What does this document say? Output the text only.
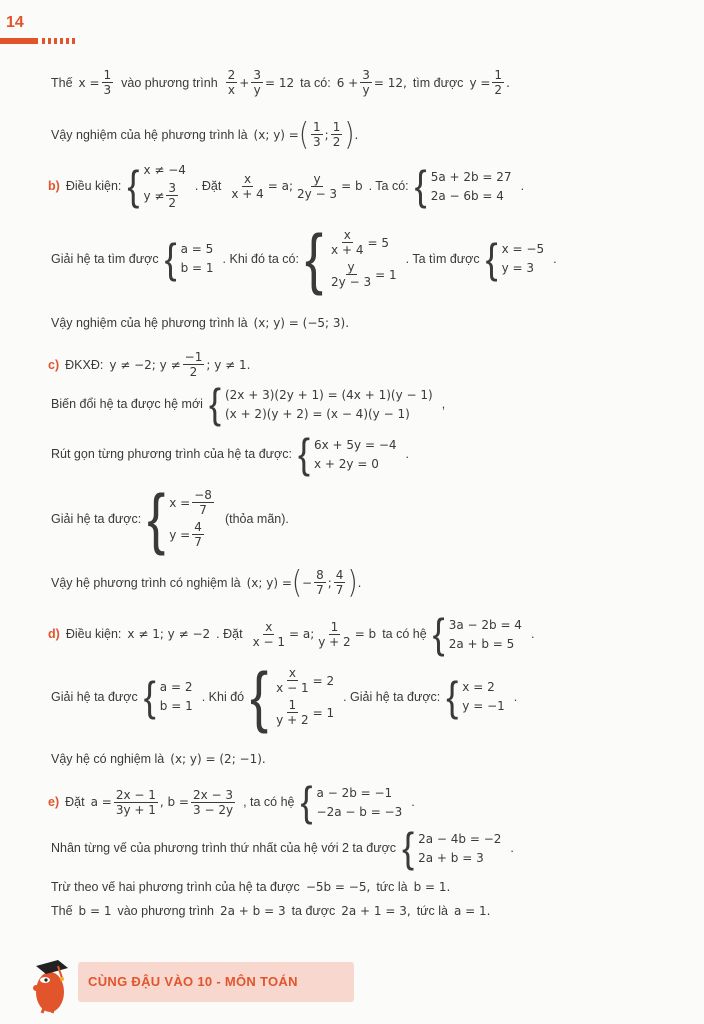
14
Thế $x = \frac{1}{3}$ vào phương trình
2
x
+ $\frac{3}{y} = 12$ ta có: $6 + \frac{3}{y} = 12$, tìm được $y = \frac{1}{2}$ .
Vậy nghiệm của hệ phương trình là (x; y) = ( 1
3
;
1
2 ) .
b) Điều kiện: { x ≠ −4
y ≠
3
2
. Đặt $\frac{x}{x + 4} = a$; $\frac{y}{2y - 3} = b$ . Ta có: { 5a + 2b = 27
2a − 6b = 4
.
Giải hệ ta tìm được { a = 5
b = 1
. Khi đó ta có: { $\frac{x}{x + 4} = 5$
$\frac{y}{2y - 3} = 1$
. Ta tìm được { x = −5
y = 3
.
Vậy nghiệm của hệ phương trình là (x; y) = (−5; 3).
c) ĐKXĐ: y ≠ −2; y ≠
−1
2
; y ≠ 1.
Biến đổi hệ ta được hệ mới { (2x + 3)(2y + 1) = (4x + 1)(y − 1)
(x + 2)(y + 2) = (x − 4)(y − 1)
,
Rút gọn từng phương trình của hệ ta được: { 6x + 5y = −4
x + 2y = 0
.
Giải hệ ta được: { $x = \frac{-8}{7}$
$y = \frac{4}{7}$
(thỏa mãn).
Vậy hệ phương trình có nghiệm là (x; y) = ( − $\frac{8}{7}$ ;
4
7 ) .
d) Điều kiện: x ≠ 1; y ≠ −2 . Đặt $\frac{x}{x - 1} = a$; $\frac{1}{y + 2} = b$ ta có hệ { 3a − 2b = 4
2a + b = 5
.
Giải hệ ta được { a = 2
b = 1
. Khi đó { $\frac{x}{x - 1} = 2$
$\frac{1}{y + 2} = 1$
. Giải hệ ta được: { x = 2
y = −1
.
Vậy hệ có nghiệm là (x; y) = (2; −1).
e) Đặt $a = \frac{2x - 1}{3y + 1}$ , $b = \frac{2x - 3}{3 - 2y}$ , ta có hệ { a − 2b = −1
−2a − b = −3
.
Nhân từng vế của phương trình thứ nhất của hệ với 2 ta được { 2a − 4b = −2
2a + b = 3
.
Trừ theo vế hai phương trình của hệ ta được −5b = −5, tức là b = 1.
Thế b = 1 vào phương trình 2a + b = 3 ta được 2a + 1 = 3, tức là a = 1.
CÙNG ĐẬU VÀO 10 - MÔN TOÁN
